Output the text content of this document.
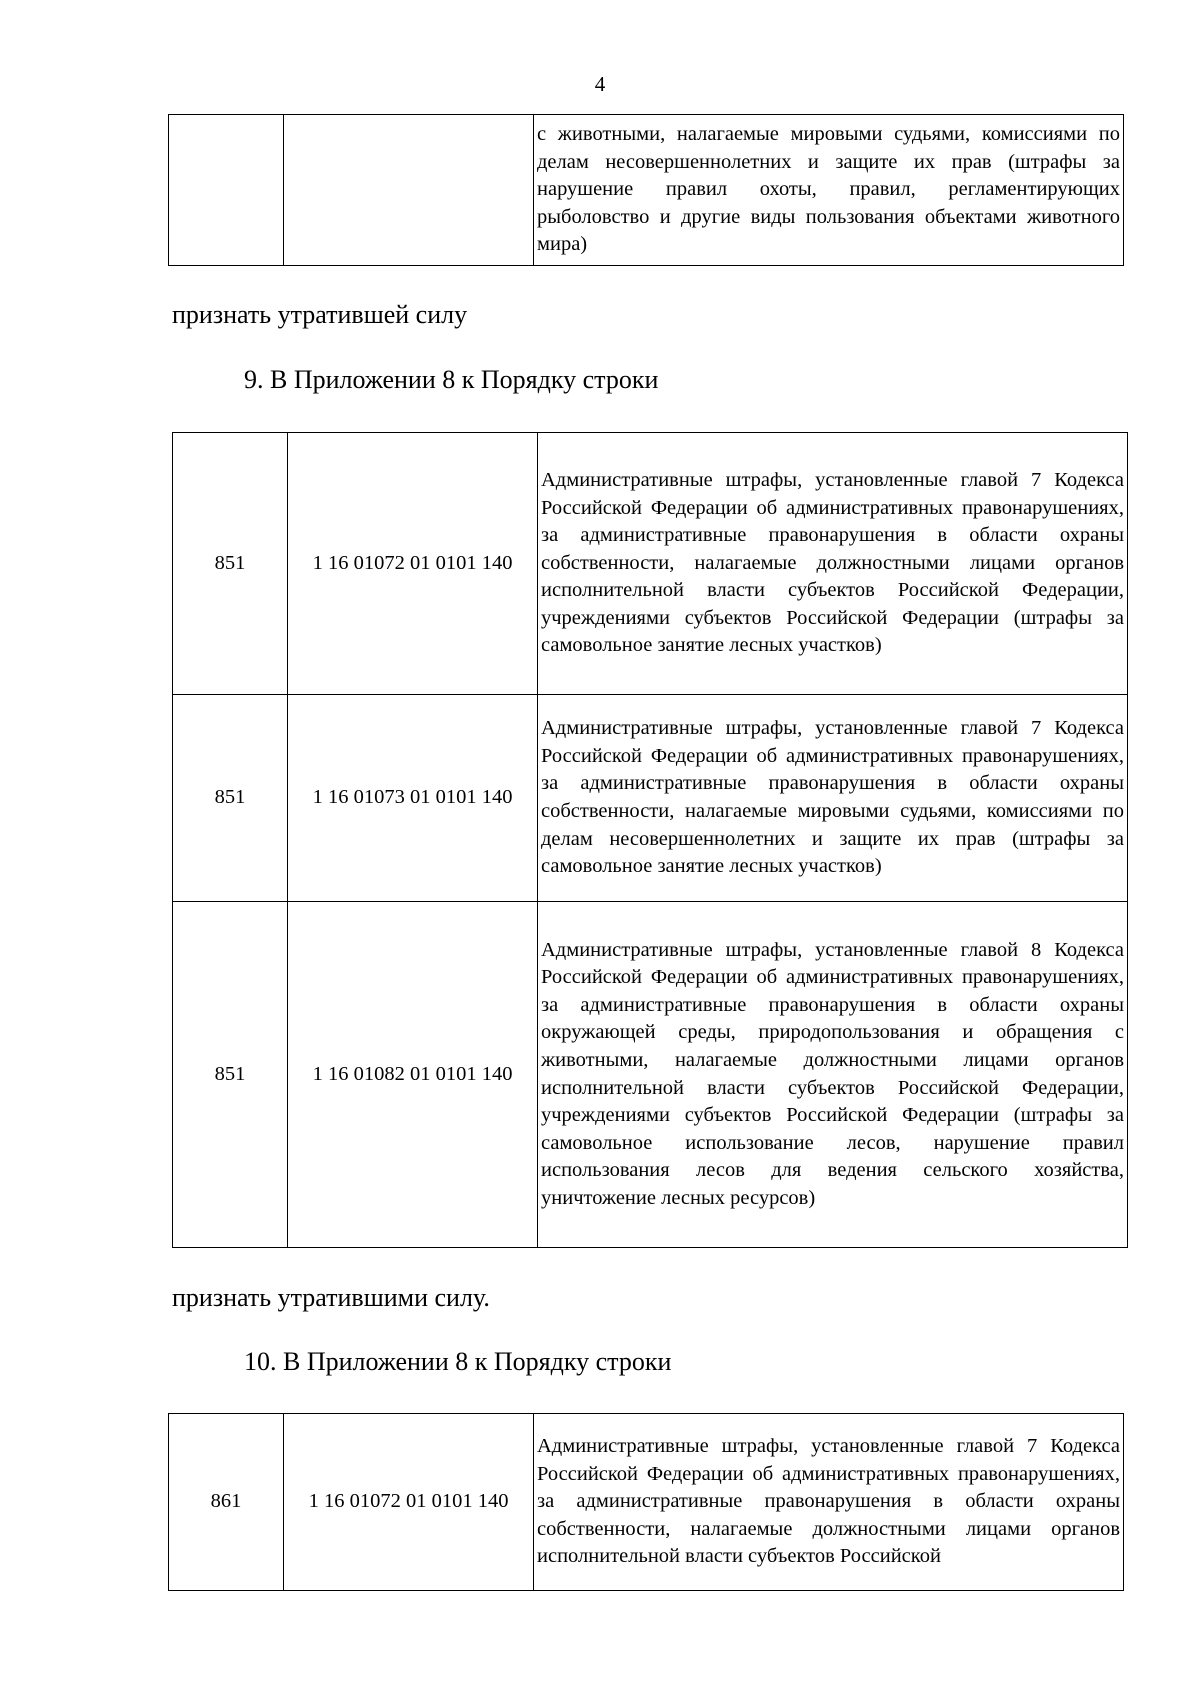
4
		с животными, налагаемые мировыми судьями, комиссиями по делам несовершеннолетних и защите их прав (штрафы за нарушение правил охоты, правил, регламентирующих рыболовство и другие виды пользования объектами животного мира)
признать утратившей силу
9. В Приложении 8 к Порядку строки
851	1 16 01072 01 0101 140	Административные штрафы, установленные главой 7 Кодекса Российской Федерации об административных правонарушениях, за административные правонарушения в области охраны собственности, налагаемые должностными лицами органов исполнительной власти субъектов Российской Федерации, учреждениями субъектов Российской Федерации (штрафы за самовольное занятие лесных участков)
851	1 16 01073 01 0101 140	Административные штрафы, установленные главой 7 Кодекса Российской Федерации об административных правонарушениях, за административные правонарушения в области охраны собственности, налагаемые мировыми судьями, комиссиями по делам несовершеннолетних и защите их прав (штрафы за самовольное занятие лесных участков)
851	1 16 01082 01 0101 140	Административные штрафы, установленные главой 8 Кодекса Российской Федерации об административных правонарушениях, за административные правонарушения в области охраны окружающей среды, природопользования и обращения с животными, налагаемые должностными лицами органов исполнительной власти субъектов Российской Федерации, учреждениями субъектов Российской Федерации (штрафы за самовольное использование лесов, нарушение правил использования лесов для ведения сельского хозяйства, уничтожение лесных ресурсов)
признать утратившими силу.
10. В Приложении 8 к Порядку строки
861	1 16 01072 01 0101 140	Административные штрафы, установленные главой 7 Кодекса Российской Федерации об административных правонарушениях, за административные правонарушения в области охраны собственности, налагаемые должностными лицами органов исполнительной власти субъектов Российской
